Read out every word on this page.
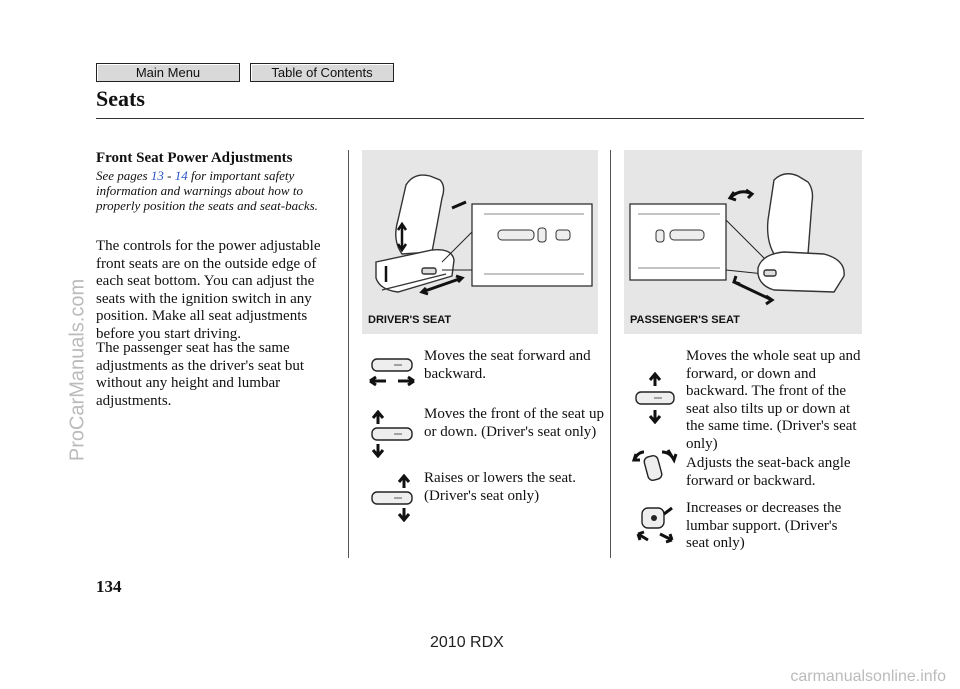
Main Menu	Table of Contents
Seats
Front Seat Power Adjustments
See pages 13 - 14 for important safety information and warnings about how to properly position the seats and seat-backs.
The controls for the power adjustable front seats are on the outside edge of each seat bottom. You can adjust the seats with the ignition switch in any position. Make all seat adjustments before you start driving.
The passenger seat has the same adjustments as the driver's seat but without any height and lumbar adjustments.
DRIVER'S SEAT	PASSENGER'S SEAT
Moves the seat forward and backward.
Moves the front of the seat up or down. (Driver's seat only)
Raises or lowers the seat. (Driver's seat only)
Moves the whole seat up and forward, or down and backward. The front of the seat also tilts up or down at the same time. (Driver's seat only)
Adjusts the seat-back angle forward or backward.
Increases or decreases the lumbar support. (Driver's seat only)
134
2010 RDX
ProCarManuals.com
carmanualsonline.info
